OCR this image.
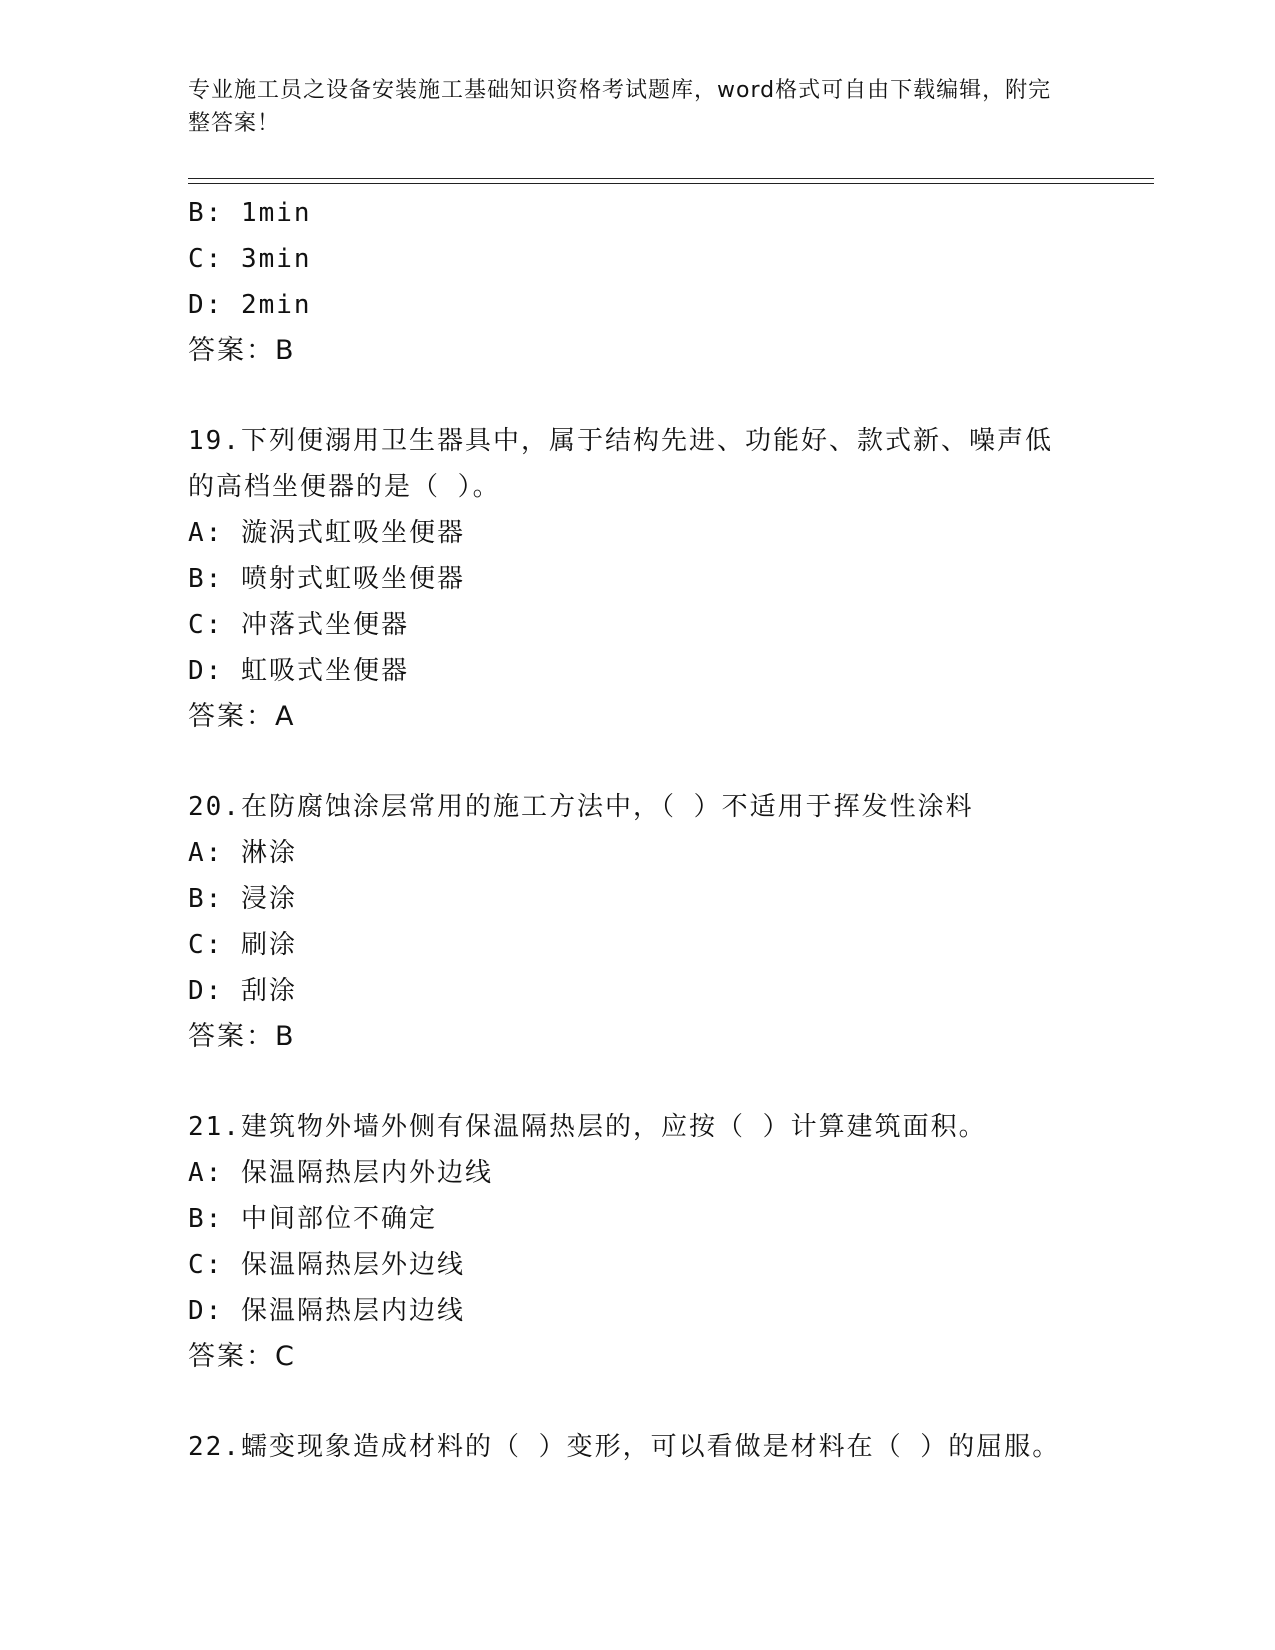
专业施工员之设备安装施工基础知识资格考试题库，word格式可自由下载编辑，附完整答案！
B: 1min
C: 3min
D: 2min
答案：B
19.下列便溺用卫生器具中，属于结构先进、功能好、款式新、噪声低
的高档坐便器的是（ ）。
A: 漩涡式虹吸坐便器
B: 喷射式虹吸坐便器
C: 冲落式坐便器
D: 虹吸式坐便器
答案：A
20.在防腐蚀涂层常用的施工方法中，（ ）不适用于挥发性涂料
A: 淋涂
B: 浸涂
C: 刷涂
D: 刮涂
答案：B
21.建筑物外墙外侧有保温隔热层的，应按（ ）计算建筑面积。
A: 保温隔热层内外边线
B: 中间部位不确定
C: 保温隔热层外边线
D: 保温隔热层内边线
答案：C
22.蠕变现象造成材料的（ ）变形，可以看做是材料在（ ）的屈服。
